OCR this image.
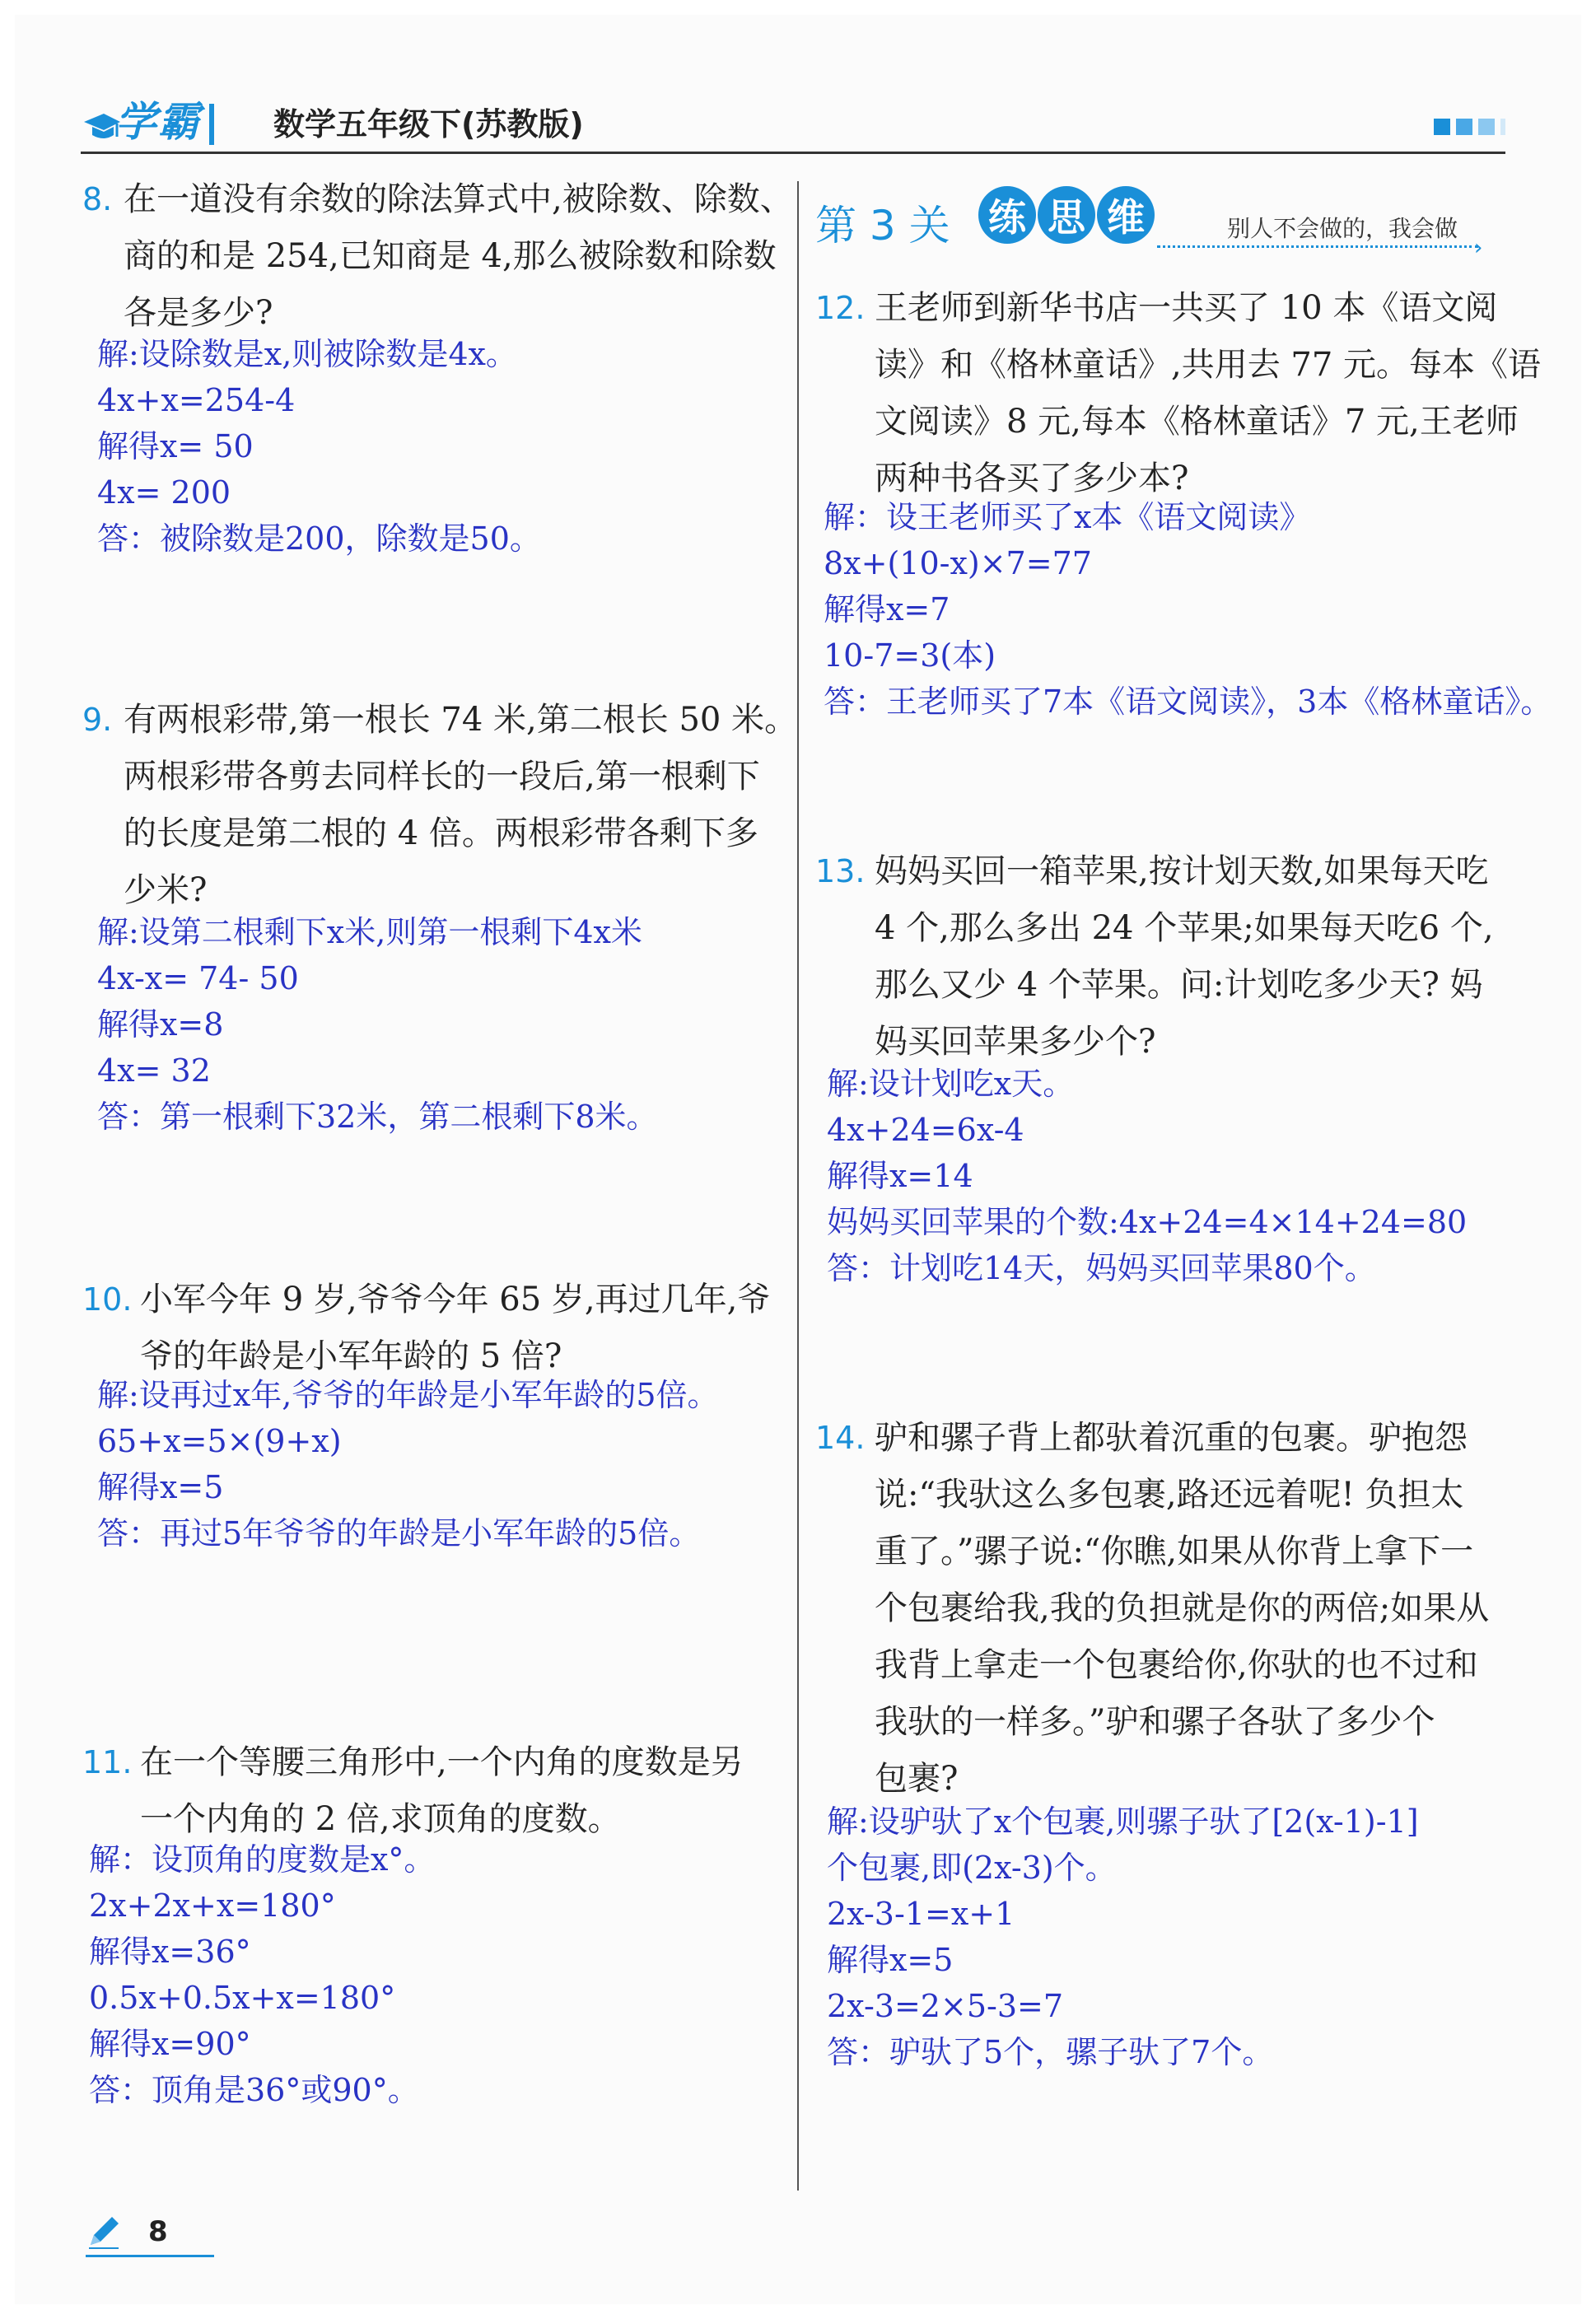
学霸 数学五年级下(苏教版)
第 3 关 练 思 维	别人不会做的，我会做
›
8. 在一道没有余数的除法算式中,被除数、除数、
商的和是 254,已知商是 4,那么被除数和除数
各是多少?
解:设除数是x,则被除数是4x。
4x+x=254-4
解得x= 50
4x= 200
答：被除数是200，除数是50。
9. 有两根彩带,第一根长 74 米,第二根长 50 米。
两根彩带各剪去同样长的一段后,第一根剩下
的长度是第二根的 4 倍。两根彩带各剩下多
少米?
解:设第二根剩下x米,则第一根剩下4x米
4x-x= 74- 50
解得x=8
4x= 32
答：第一根剩下32米，第二根剩下8米。
10. 小军今年 9 岁,爷爷今年 65 岁,再过几年,爷
爷的年龄是小军年龄的 5 倍?
解:设再过x年,爷爷的年龄是小军年龄的5倍。
65+x=5×(9+x)
解得x=5
答：再过5年爷爷的年龄是小军年龄的5倍。
11. 在一个等腰三角形中,一个内角的度数是另
一个内角的 2 倍,求顶角的度数。
解：设顶角的度数是x°。
2x+2x+x=180°
解得x=36°
0.5x+0.5x+x=180°
解得x=90°
答：顶角是36°或90°。
12. 王老师到新华书店一共买了 10 本《语文阅
读》和《格林童话》,共用去 77 元。每本《语
文阅读》8 元,每本《格林童话》7 元,王老师
两种书各买了多少本?
解：设王老师买了x本《语文阅读》
8x+(10-x)×7=77
解得x=7
10-7=3(本)
答：王老师买了7本《语文阅读》，3本《格林童话》。
13. 妈妈买回一箱苹果,按计划天数,如果每天吃
4 个,那么多出 24 个苹果;如果每天吃6 个,
那么又少 4 个苹果。问:计划吃多少天? 妈
妈买回苹果多少个?
解:设计划吃x天。
4x+24=6x-4
解得x=14
妈妈买回苹果的个数:4x+24=4×14+24=80
答：计划吃14天，妈妈买回苹果80个。
14. 驴和骡子背上都驮着沉重的包裹。驴抱怨
说:“我驮这么多包裹,路还远着呢! 负担太
重了。”骡子说:“你瞧,如果从你背上拿下一
个包裹给我,我的负担就是你的两倍;如果从
我背上拿走一个包裹给你,你驮的也不过和
我驮的一样多。”驴和骡子各驮了多少个
包裹?
解:设驴驮了x个包裹,则骡子驮了[2(x-1)-1]
个包裹,即(2x-3)个。
2x-3-1=x+1
解得x=5
2x-3=2×5-3=7
答：驴驮了5个，骡子驮了7个。
8
